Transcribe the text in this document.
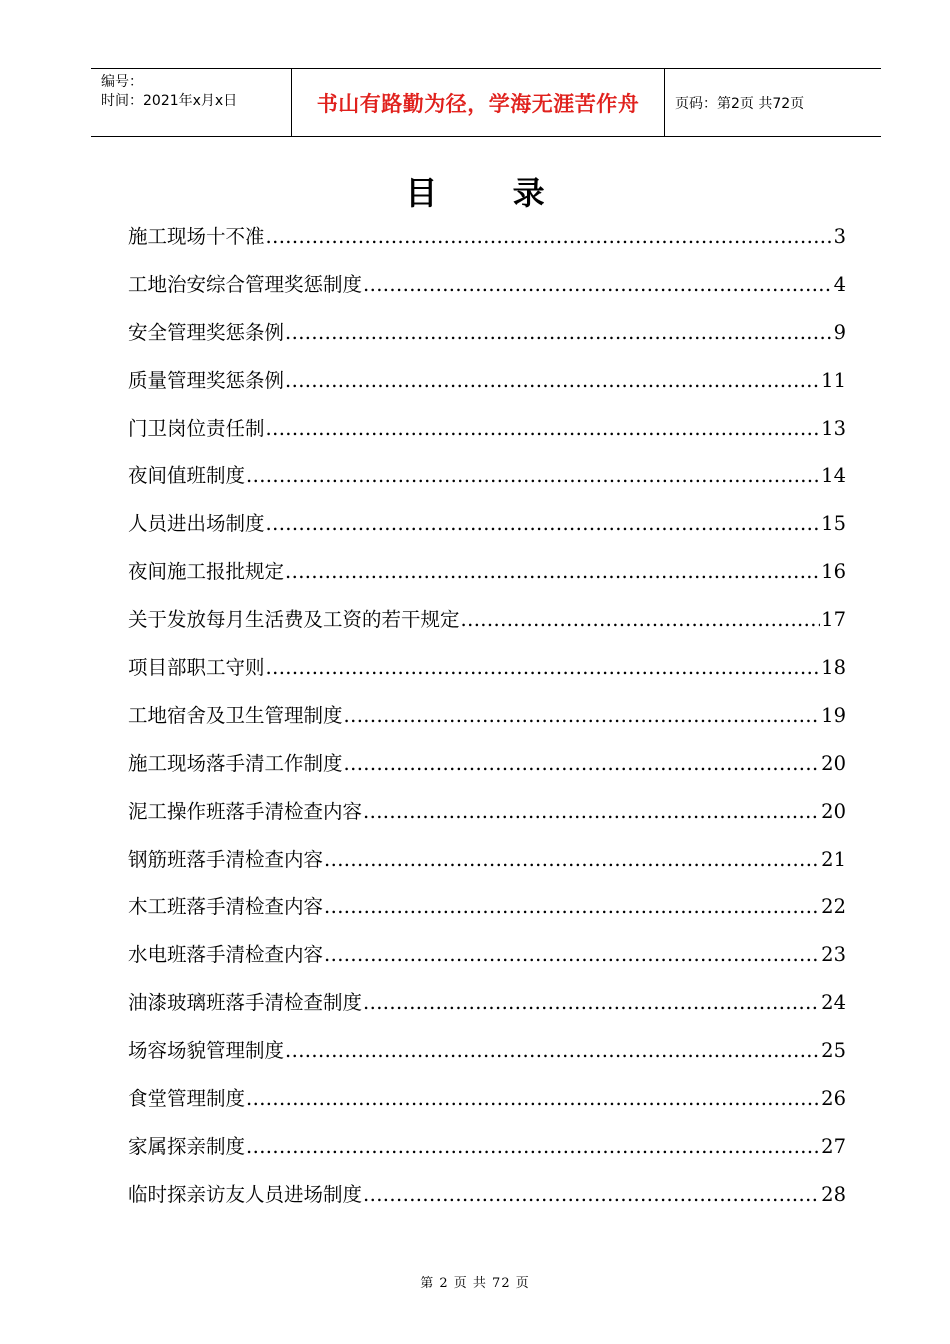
编号：
时间：2021年x月x日	书山有路勤为径，学海无涯苦作舟	页码：第2页 共72页
目 录
施工现场十不准 .....	3
工地治安综合管理奖惩制度 .....	4
安全管理奖惩条例 .....	9
质量管理奖惩条例 .....	11
门卫岗位责任制 .....	13
夜间值班制度 .....	14
人员进出场制度 .....	15
夜间施工报批规定 .....	16
关于发放每月生活费及工资的若干规定 .....	17
项目部职工守则 .....	18
工地宿舍及卫生管理制度 .....	19
施工现场落手清工作制度 .....	20
泥工操作班落手清检查内容 .....	20
钢筋班落手清检查内容 .....	21
木工班落手清检查内容 .....	22
水电班落手清检查内容 .....	23
油漆玻璃班落手清检查制度 .....	24
场容场貌管理制度 .....	25
食堂管理制度 .....	26
家属探亲制度 .....	27
临时探亲访友人员进场制度 .....	28
第 2 页 共 72 页
